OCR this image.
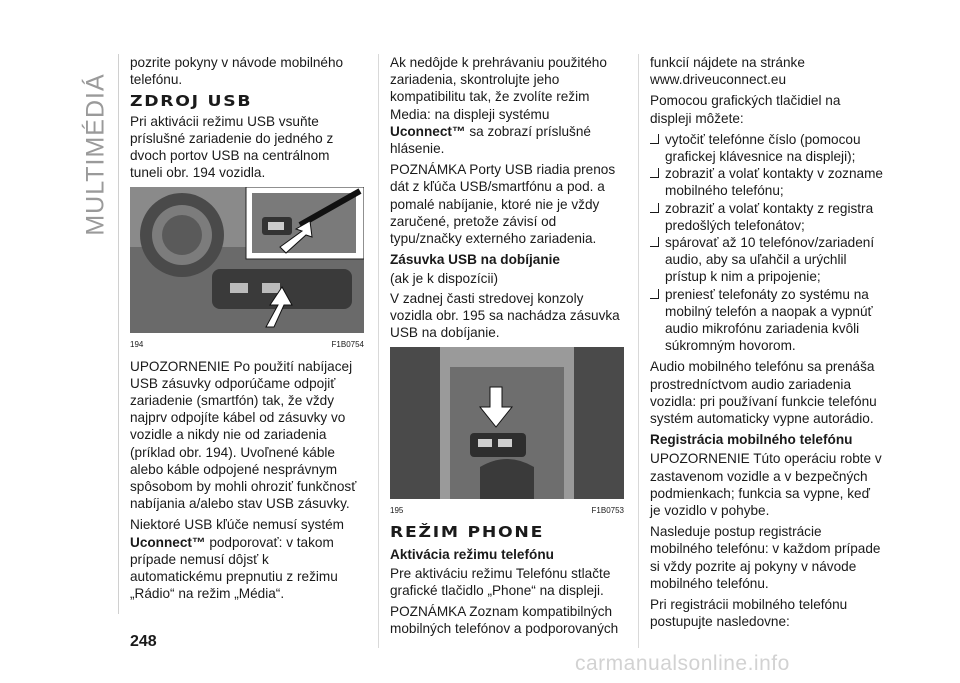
MULTIMÉDIÁ

pozrite pokyny v návode mobilného telefónu.

ZDROJ USB

Pri aktivácii režimu USB vsuňte príslušné zariadenie do jedného z dvoch portov USB na centrálnom tuneli obr. 194 vozidla.

194	F1B0754

UPOZORNENIE Po použití nabíjacej USB zásuvky odporúčame odpojiť zariadenie (smartfón) tak, že vždy najprv odpojíte kábel od zásuvky vo vozidle a nikdy nie od zariadenia (príklad obr. 194). Uvoľnené káble alebo káble odpojené nesprávnym spôsobom by mohli ohroziť funkčnosť nabíjania a/alebo stav USB zásuvky.

Niektoré USB kľúče nemusí systém Uconnect™ podporovať: v takom prípade nemusí dôjsť k automatickému prepnutiu z režimu „Rádio“ na režim „Média“.

Ak nedôjde k prehrávaniu použitého zariadenia, skontrolujte jeho kompatibilitu tak, že zvolíte režim Media: na displeji systému Uconnect™ sa zobrazí príslušné hlásenie.

POZNÁMKA Porty USB riadia prenos dát z kľúča USB/smartfónu a pod. a pomalé nabíjanie, ktoré nie je vždy zaručené, pretože závisí od typu/značky externého zariadenia.

Zásuvka USB na dobíjanie

(ak je k dispozícii)

V zadnej časti stredovej konzoly vozidla obr. 195 sa nachádza zásuvka USB na dobíjanie.

195	F1B0753
REŽIM PHONE
Aktivácia režimu telefónu

Pre aktiváciu režimu Telefónu stlačte grafické tlačidlo „Phone“ na displeji.

POZNÁMKA Zoznam kompatibilných mobilných telefónov a podporovaných

funkcií nájdete na stránke www.driveuconnect.eu

Pomocou grafických tlačidiel na displeji môžete:

vytočiť telefónne číslo (pomocou grafickej klávesnice na displeji);
zobraziť a volať kontakty v zozname mobilného telefónu;
zobraziť a volať kontakty z registra predošlých telefonátov;
spárovať až 10 telefónov/zariadení audio, aby sa uľahčil a urýchlil prístup k nim a pripojenie;
preniesť telefonáty zo systému na mobilný telefón a naopak a vypnúť audio mikrofónu zariadenia kvôli súkromným hovorom.

Audio mobilného telefónu sa prenáša prostredníctvom audio zariadenia vozidla: pri používaní funkcie telefónu systém automaticky vypne autorádio.

Registrácia mobilného telefónu

UPOZORNENIE Túto operáciu robte v zastavenom vozidle a v bezpečných podmienkach; funkcia sa vypne, keď je vozidlo v pohybe.

Nasleduje postup registrácie mobilného telefónu: v každom prípade si vždy pozrite aj pokyny v návode mobilného telefónu.

Pri registrácii mobilného telefónu postupujte nasledovne:

248
carmanualsonline.info
